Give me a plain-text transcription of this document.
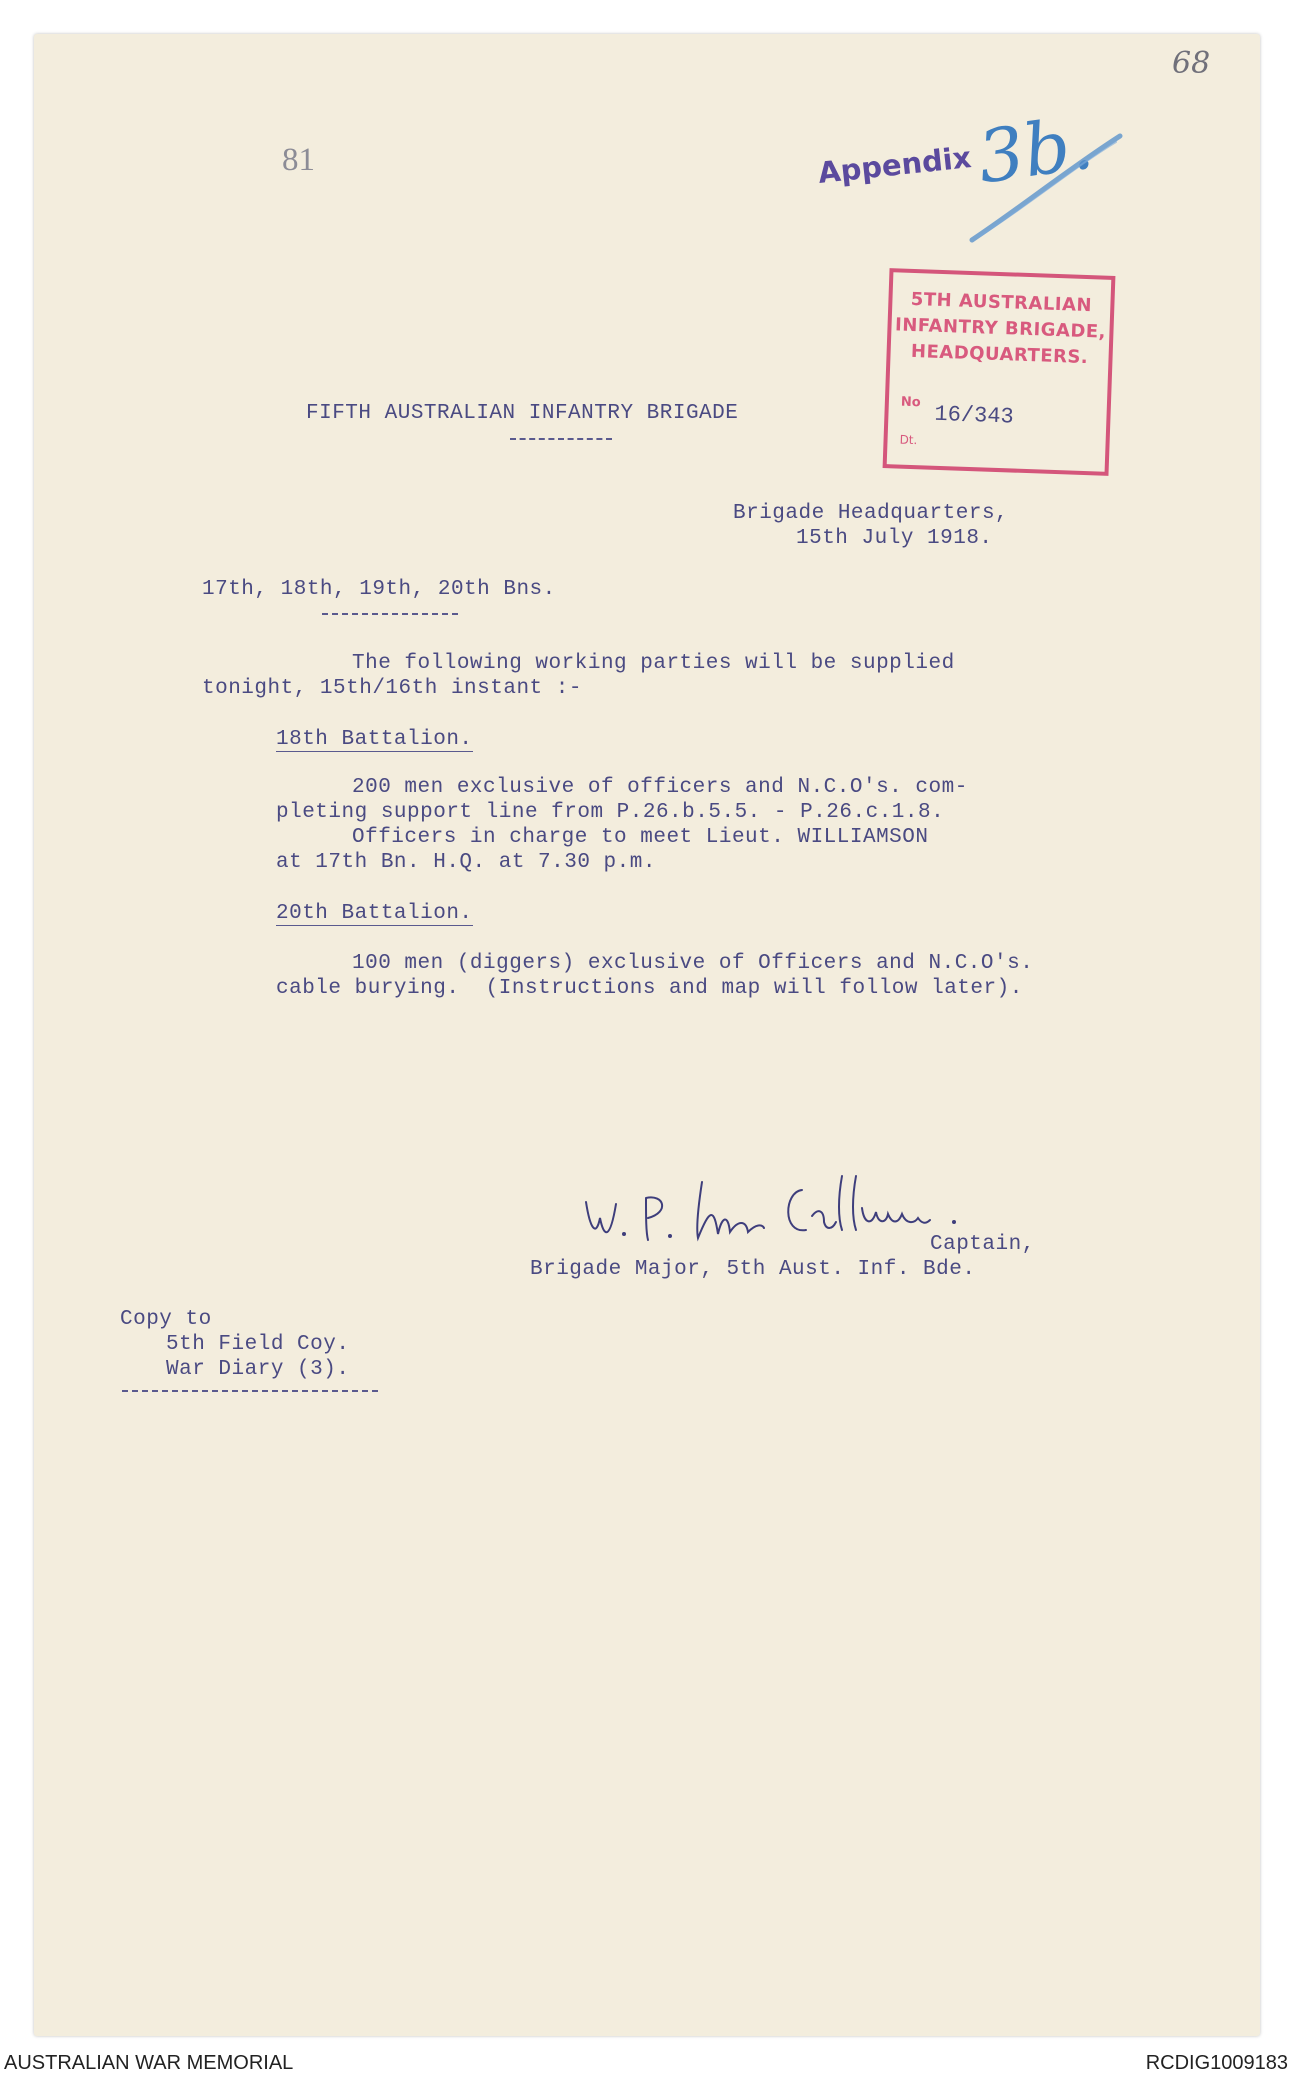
81
68
Appendix 3b.
5TH AUSTRALIAN
INFANTRY BRIGADE,
HEADQUARTERS.
No 16/343
Dt.
FIFTH AUSTRALIAN INFANTRY BRIGADE
Brigade Headquarters,
15th July 1918.
17th, 18th, 19th, 20th Bns.
The following working parties will be supplied
tonight, 15th/16th instant :-
18th Battalion.
200 men exclusive of officers and N.C.O's. com-
pleting support line from P.26.b.5.5. - P.26.c.1.8.
Officers in charge to meet Lieut. WILLIAMSON
at 17th Bn. H.Q. at 7.30 p.m.
20th Battalion.
100 men (diggers) exclusive of Officers and N.C.O's.
cable burying.  (Instructions and map will follow later).
Captain,
Brigade Major, 5th Aust. Inf. Bde.
Copy to
5th Field Coy.
War Diary (3).
AUSTRALIAN WAR MEMORIAL	RCDIG1009183
